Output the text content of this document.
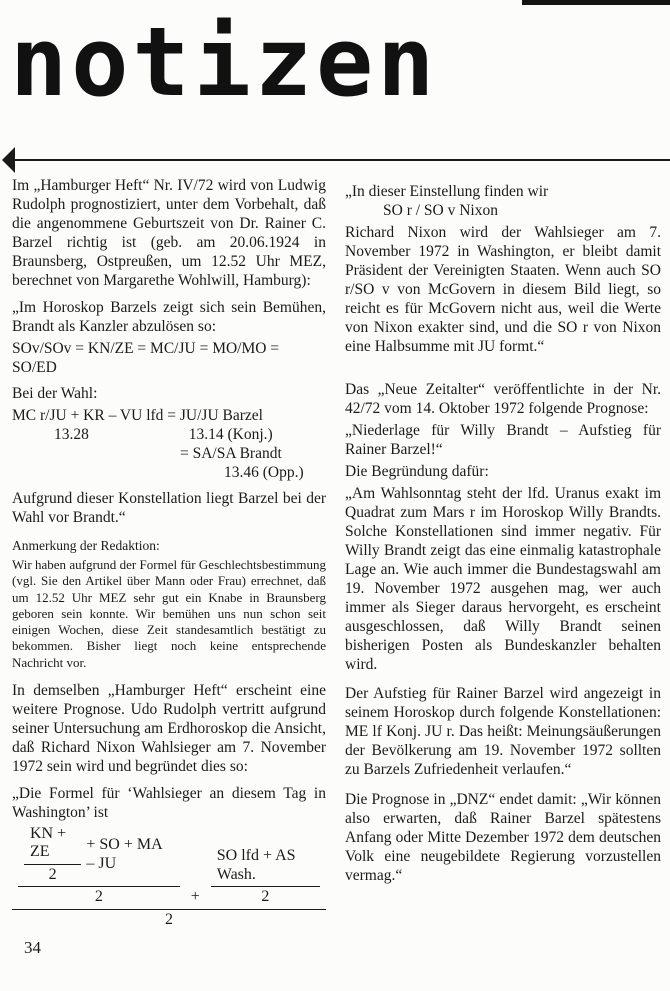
notizen

Im „Hamburger Heft“ Nr. IV/72 wird von Ludwig Rudolph prognostiziert, unter dem Vorbehalt, daß die angenommene Geburtszeit von Dr. Rainer C. Barzel richtig ist (geb. am 20.06.1924 in Braunsberg, Ostpreußen, um 12.52 Uhr MEZ, berechnet von Margarethe Wohlwill, Hamburg):

„Im Horoskop Barzels zeigt sich sein Bemühen, Brandt als Kanzler abzulösen so:

SOv/SOv = KN/ZE = MC/JU = MO/MO =
SO/ED

Bei der Wahl:

MC r/JU + KR – VU lfd = JU/JU Barzel
13.28	13.14 (Konj.)
= SA/SA Brandt
13.46 (Opp.)

Aufgrund dieser Konstellation liegt Barzel bei der Wahl vor Brandt.“

Anmerkung der Redaktion:

Wir haben aufgrund der Formel für Geschlechtsbestimmung (vgl. Sie den Artikel über Mann oder Frau) errechnet, daß um 12.52 Uhr MEZ sehr gut ein Knabe in Braunsberg geboren sein konnte. Wir bemühen uns nun schon seit einigen Wochen, diese Zeit standesamtlich bestätigt zu bekommen. Bisher liegt noch keine entsprechende Nachricht vor.

In demselben „Hamburger Heft“ erscheint eine weitere Prognose. Udo Rudolph vertritt aufgrund seiner Untersuchung am Erdhoroskop die Ansicht, daß Richard Nixon Wahlsieger am 7. November 1972 sein wird und begründet dies so:

„Die Formel für ‘Wahlsieger an diesem Tag in Washington’ ist

$\frac{KN + ZE}{2}$ + SO + MA – JU
2	+ $\frac{\text{SO lfd + AS Wash.}}{2}$
2

„In dieser Einstellung finden wir

SO r / SO v Nixon

Richard Nixon wird der Wahlsieger am 7. November 1972 in Washington, er bleibt damit Präsident der Vereinigten Staaten. Wenn auch SO r/SO v von McGovern in diesem Bild liegt, so reicht es für McGovern nicht aus, weil die Werte von Nixon exakter sind, und die SO r von Nixon eine Halbsumme mit JU formt.“

Das „Neue Zeitalter“ veröffentlichte in der Nr. 42/72 vom 14. Oktober 1972 folgende Prognose:

„Niederlage für Willy Brandt – Aufstieg für Rainer Barzel!“

Die Begründung dafür:

„Am Wahlsonntag steht der lfd. Uranus exakt im Quadrat zum Mars r im Horoskop Willy Brandts. Solche Konstellationen sind immer negativ. Für Willy Brandt zeigt das eine einmalig katastrophale Lage an. Wie auch immer die Bundestagswahl am 19. November 1972 ausgehen mag, wer auch immer als Sieger daraus hervorgeht, es erscheint ausgeschlossen, daß Willy Brandt seinen bisherigen Posten als Bundeskanzler behalten wird.

Der Aufstieg für Rainer Barzel wird angezeigt in seinem Horoskop durch folgende Konstellationen: ME lf Konj. JU r. Das heißt: Meinungsäußerungen der Bevölkerung am 19. November 1972 sollten zu Barzels Zufriedenheit verlaufen.“

Die Prognose in „DNZ“ endet damit: „Wir können also erwarten, daß Rainer Barzel spätestens Anfang oder Mitte Dezember 1972 dem deutschen Volk eine neugebildete Regierung vorzustellen vermag.“

34
